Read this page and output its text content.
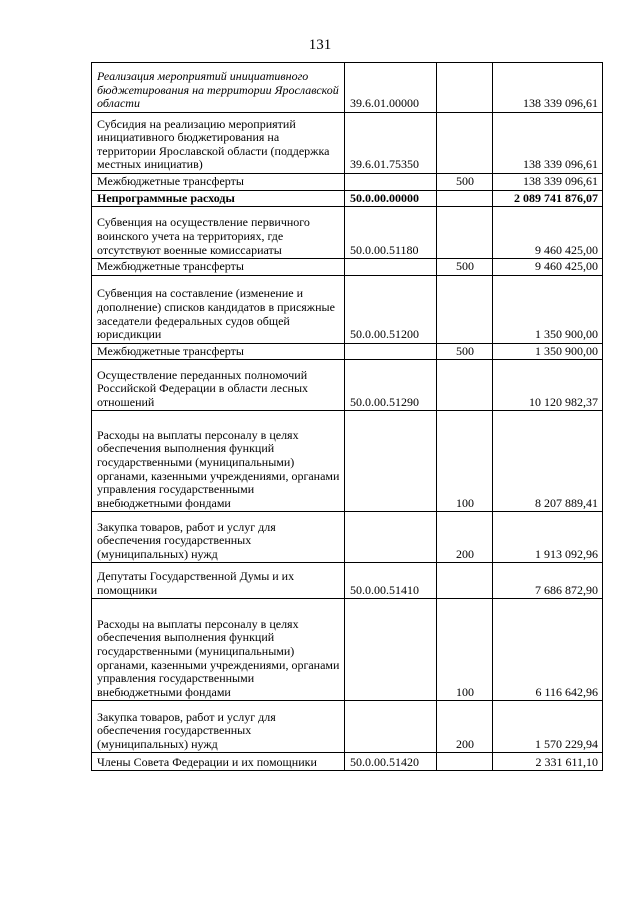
131
Реализация мероприятий инициативного бюджетирования на территории Ярославской области	39.6.01.00000		138 339 096,61
Субсидия на реализацию мероприятий инициативного бюджетирования на территории Ярославской области (поддержка местных инициатив)	39.6.01.75350		138 339 096,61
Межбюджетные трансферты		500	138 339 096,61
Непрограммные расходы	50.0.00.00000		2 089 741 876,07
Субвенция на осуществление первичного воинского учета на территориях, где отсутствуют военные комиссариаты	50.0.00.51180		9 460 425,00
Межбюджетные трансферты		500	9 460 425,00
Субвенция на составление (изменение и дополнение) списков кандидатов в присяжные заседатели федеральных судов общей юрисдикции	50.0.00.51200		1 350 900,00
Межбюджетные трансферты		500	1 350 900,00
Осуществление переданных полномочий Российской Федерации в области лесных отношений	50.0.00.51290		10 120 982,37
Расходы на выплаты персоналу в целях обеспечения выполнения функций государственными (муниципальными) органами, казенными учреждениями, органами управления государственными внебюджетными фондами		100	8 207 889,41
Закупка товаров, работ и услуг для обеспечения государственных (муниципальных) нужд		200	1 913 092,96
Депутаты Государственной Думы и их помощники	50.0.00.51410		7 686 872,90
Расходы на выплаты персоналу в целях обеспечения выполнения функций государственными (муниципальными) органами, казенными учреждениями, органами управления государственными внебюджетными фондами		100	6 116 642,96
Закупка товаров, работ и услуг для обеспечения государственных (муниципальных) нужд		200	1 570 229,94
Члены Совета Федерации и их помощники	50.0.00.51420		2 331 611,10
